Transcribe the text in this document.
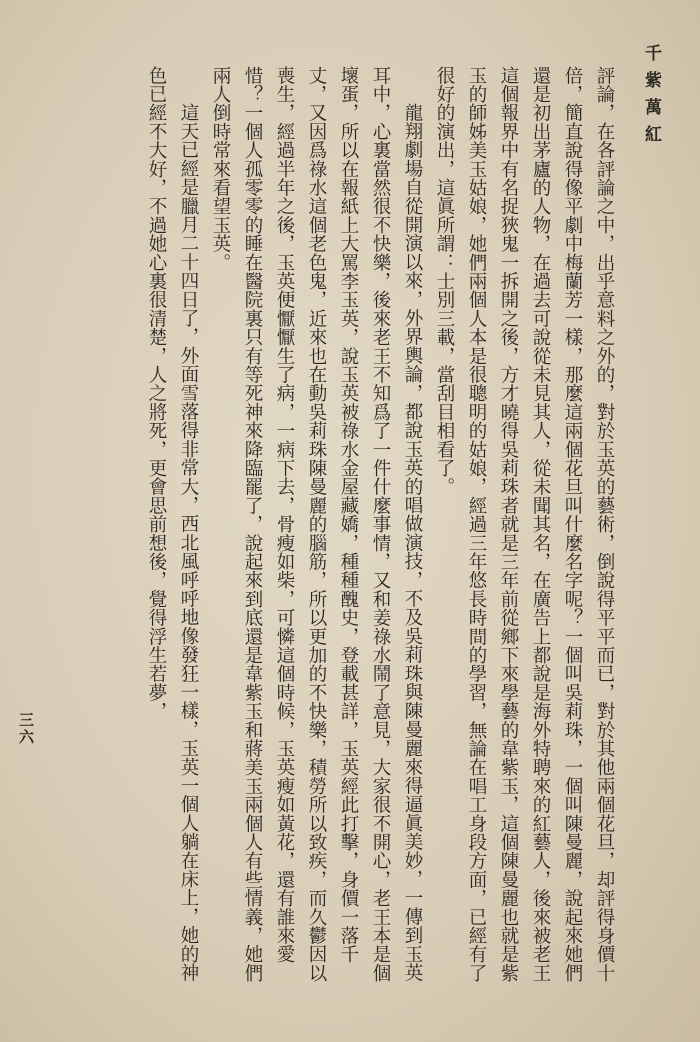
千紫萬紅
三六	評論，在各評論之中，出乎意料之外的，對於玉英的藝術，倒說得平平而已，對於其他兩個花旦，却評得身價十倍，簡直說得像平劇中梅蘭芳一樣，那麼這兩個花旦叫什麼名字呢？一個叫吳莉珠，一個叫陳曼麗，說起來她們還是初出茅廬的人物，在過去可說從未見其人，從未聞其名，在廣告上都說是海外特聘來的紅藝人，後來被老王這個報界中有名捉狹鬼一拆開之後，方才曉得吳莉珠者就是三年前從鄉下來學藝的韋紫玉，這個陳曼麗也就是紫玉的師姊美玉姑娘，她們兩個人本是很聰明的姑娘，經過三年悠長時間的學習，無論在唱工身段方面，已經有了很好的演出，這眞所謂：士別三載，當刮目相看了。

龍翔劇場自從開演以來，外界輿論，都說玉英的唱做演技，不及吳莉珠與陳曼麗來得逼眞美妙，一傳到玉英耳中，心裏當然很不快樂，後來老王不知爲了一件什麼事情，又和姜祿水鬧了意見，大家很不開心，老王本是個壞蛋，所以在報紙上大罵李玉英，說玉英被祿水金屋藏嬌，種種醜史，登載甚詳，玉英經此打擊，身價一落千丈，又因爲祿水這個老色鬼，近來也在動吳莉珠陳曼麗的腦筋，所以更加的不快樂，積勞所以致疾，而久鬱因以喪生，經過半年之後，玉英便懨懨生了病，一病下去，骨瘦如柴，可憐這個時候，玉英瘦如黃花，還有誰來愛惜？一個人孤零零的睡在醫院裏只有等死神來降臨罷了，說起來到底還是韋紫玉和蔣美玉兩個人有些情義，她們兩人倒時常來看望玉英。

這天已經是臘月二十四日了，外面雪落得非常大，西北風呼呼地像發狂一樣，玉英一個人躺在床上，她的神色已經不大好，不過她心裏很清楚，人之將死，更會思前想後，覺得浮生若夢，
